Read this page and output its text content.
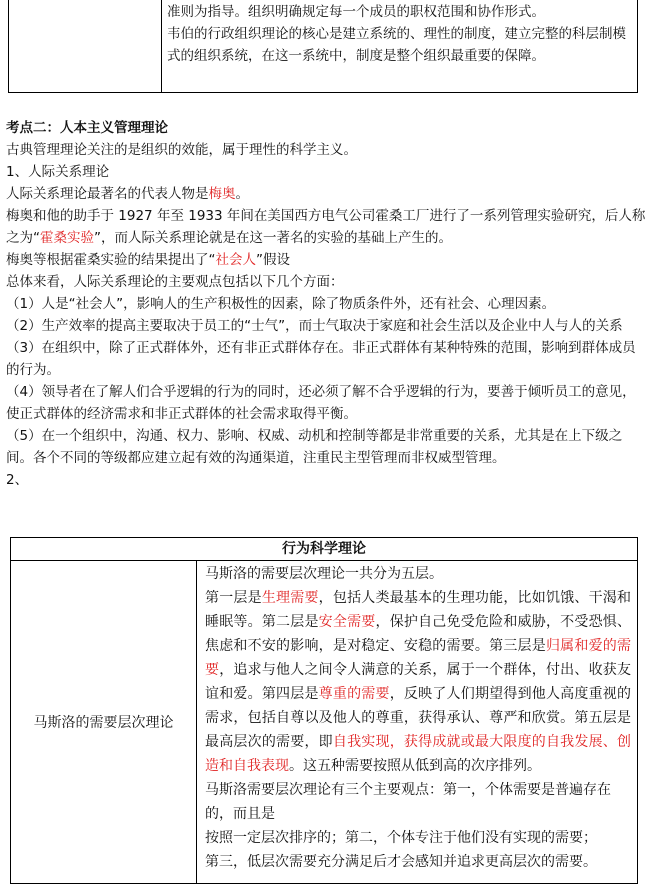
准则为指导。组织明确规定每一个成员的职权范围和协作形式。

韦伯的行政组织理论的核心是建立系统的、理性的制度，建立完整的科层制模式的组织系统，在这一系统中，制度是整个组织最重要的保障。

考点二：人本主义管理理论

古典管理理论关注的是组织的效能，属于理性的科学主义。

1、人际关系理论

人际关系理论最著名的代表人物是梅奥。

梅奥和他的助手于 1927 年至 1933 年间在美国西方电气公司霍桑工厂进行了一系列管理实验研究，后人称之为“霍桑实验”，而人际关系理论就是在这一著名的实验的基础上产生的。

梅奥等根据霍桑实验的结果提出了“社会人”假设

总体来看，人际关系理论的主要观点包括以下几个方面：

（1）人是“社会人”，影响人的生产积极性的因素，除了物质条件外，还有社会、心理因素。

（2）生产效率的提高主要取决于员工的“士气”，而士气取决于家庭和社会生活以及企业中人与人的关系

（3）在组织中，除了正式群体外，还有非正式群体存在。非正式群体有某种特殊的范围，影响到群体成员的行为。

（4）领导者在了解人们合乎逻辑的行为的同时，还必须了解不合乎逻辑的行为，要善于倾听员工的意见，使正式群体的经济需求和非正式群体的社会需求取得平衡。

（5）在一个组织中，沟通、权力、影响、权威、动机和控制等都是非常重要的关系，尤其是在上下级之间。各个不同的等级都应建立起有效的沟通渠道，注重民主型管理而非权威型管理。

2、

行为科学理论
马斯洛的需要层次理论

马斯洛的需要层次理论一共分为五层。

第一层是生理需要，包括人类最基本的生理功能，比如饥饿、干渴和睡眠等。第二层是安全需要，保护自己免受危险和威胁，不受恐惧、焦虑和不安的影响，是对稳定、安稳的需要。第三层是归属和爱的需要，追求与他人之间令人满意的关系，属于一个群体，付出、收获友谊和爱。第四层是尊重的需要，反映了人们期望得到他人高度重视的需求，包括自尊以及他人的尊重，获得承认、尊严和欣赏。第五层是最高层次的需要，即自我实现，获得成就或最大限度的自我发展、创造和自我表现。这五种需要按照从低到高的次序排列。

马斯洛需要层次理论有三个主要观点：第一，个体需要是普遍存在的，而且是

按照一定层次排序的；第二，个体专注于他们没有实现的需要；

第三，低层次需要充分满足后才会感知并追求更高层次的需要。
